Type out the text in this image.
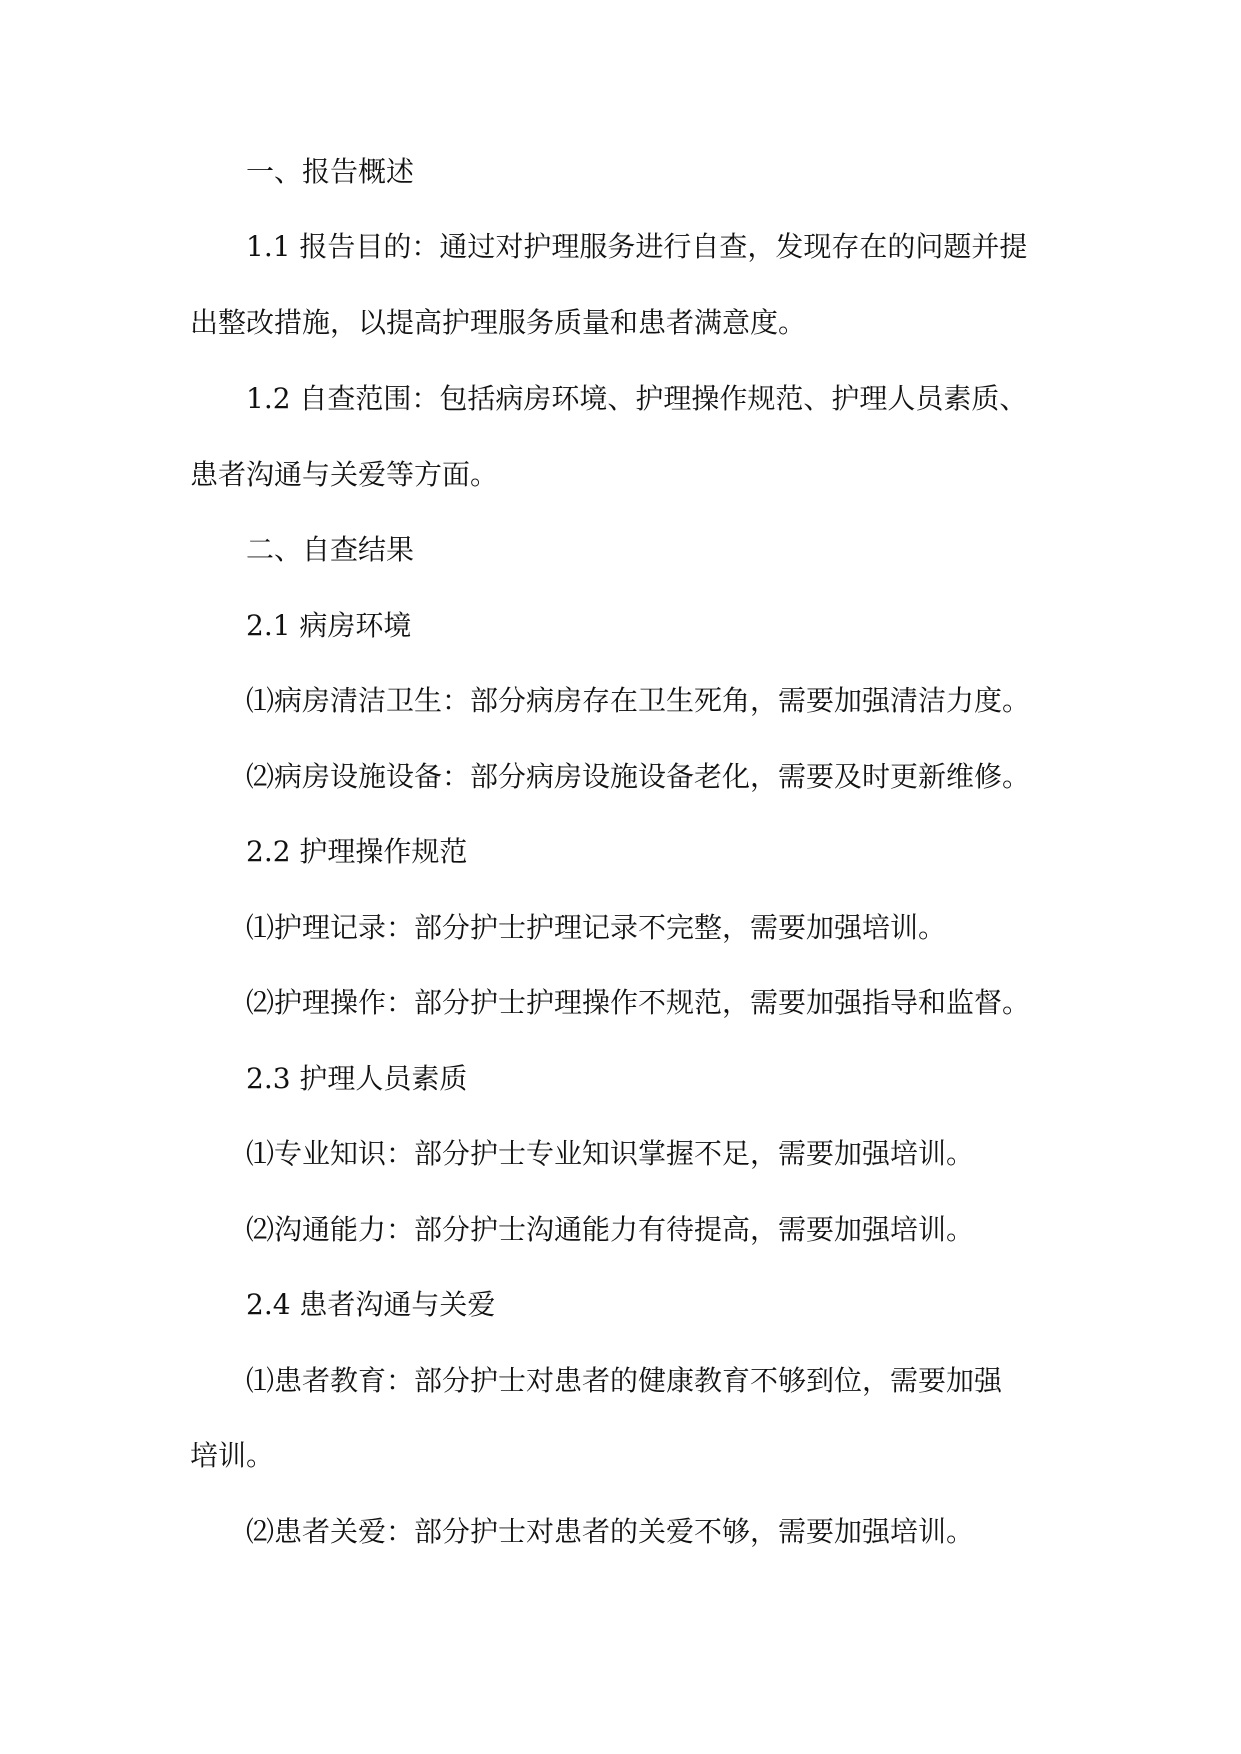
一、报告概述

1.1 报告目的：通过对护理服务进行自查，发现存在的问题并提

出整改措施，以提高护理服务质量和患者满意度。

1.2 自查范围：包括病房环境、护理操作规范、护理人员素质、

患者沟通与关爱等方面。

二、自查结果

2.1 病房环境

⑴病房清洁卫生：部分病房存在卫生死角，需要加强清洁力度。

⑵病房设施设备：部分病房设施设备老化，需要及时更新维修。

2.2 护理操作规范

⑴护理记录：部分护士护理记录不完整，需要加强培训。

⑵护理操作：部分护士护理操作不规范，需要加强指导和监督。

2.3 护理人员素质

⑴专业知识：部分护士专业知识掌握不足，需要加强培训。

⑵沟通能力：部分护士沟通能力有待提高，需要加强培训。

2.4 患者沟通与关爱

⑴患者教育：部分护士对患者的健康教育不够到位，需要加强

培训。

⑵患者关爱：部分护士对患者的关爱不够，需要加强培训。
